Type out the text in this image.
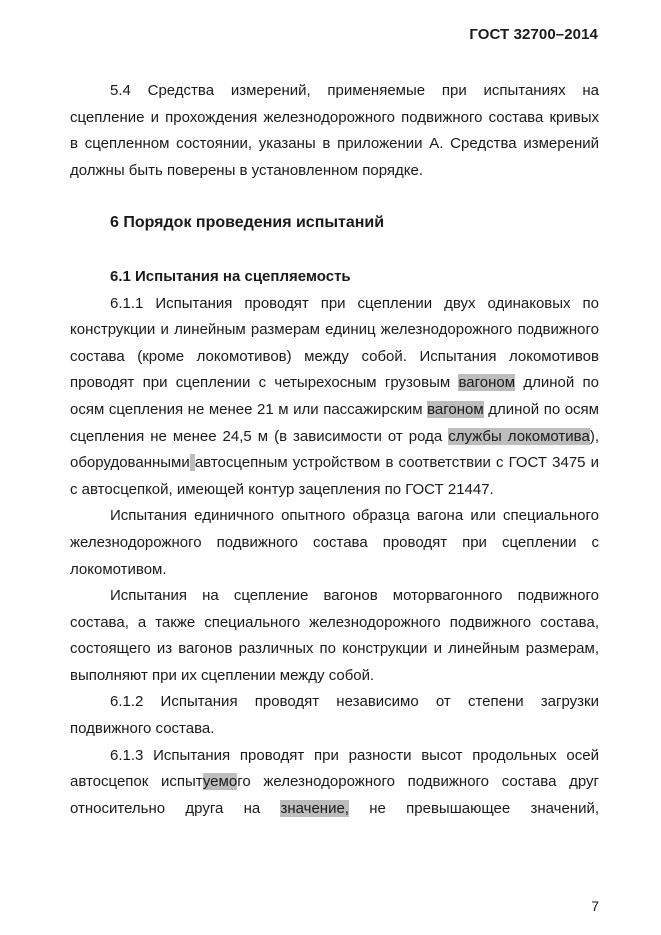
ГОСТ 32700–2014

5.4 Средства измерений, применяемые при испытаниях на сцепление и прохождения железнодорожного подвижного состава кривых в сцепленном состоянии, указаны в приложении А. Средства измерений должны быть поверены в установленном порядке.

6 Порядок проведения испытаний

6.1 Испытания на сцепляемость

6.1.1 Испытания проводят при сцеплении двух одинаковых по конструкции и линейным размерам единиц железнодорожного подвижного состава (кроме локомотивов) между собой. Испытания локомотивов проводят при сцеплении с четырехосным грузовым вагоном длиной по осям сцепления не менее 21 м или пассажирским вагоном длиной по осям сцепления не менее 24,5 м (в зависимости от рода службы локомотива), оборудованными автосцепным устройством в соответствии с ГОСТ 3475 и с автосцепкой, имеющей контур зацепления по ГОСТ 21447.

Испытания единичного опытного образца вагона или специального железнодорожного подвижного состава проводят при сцеплении с локомотивом.

Испытания на сцепление вагонов моторвагонного подвижного состава, а также специального железнодорожного подвижного состава, состоящего из вагонов различных по конструкции и линейным размерам, выполняют при их сцеплении между собой.

6.1.2 Испытания проводят независимо от степени загрузки подвижного состава.

6.1.3 Испытания проводят при разности высот продольных осей автосцепок испытуемого железнодорожного подвижного состава друг относительно друга на значение, не превышающее значений,

7
